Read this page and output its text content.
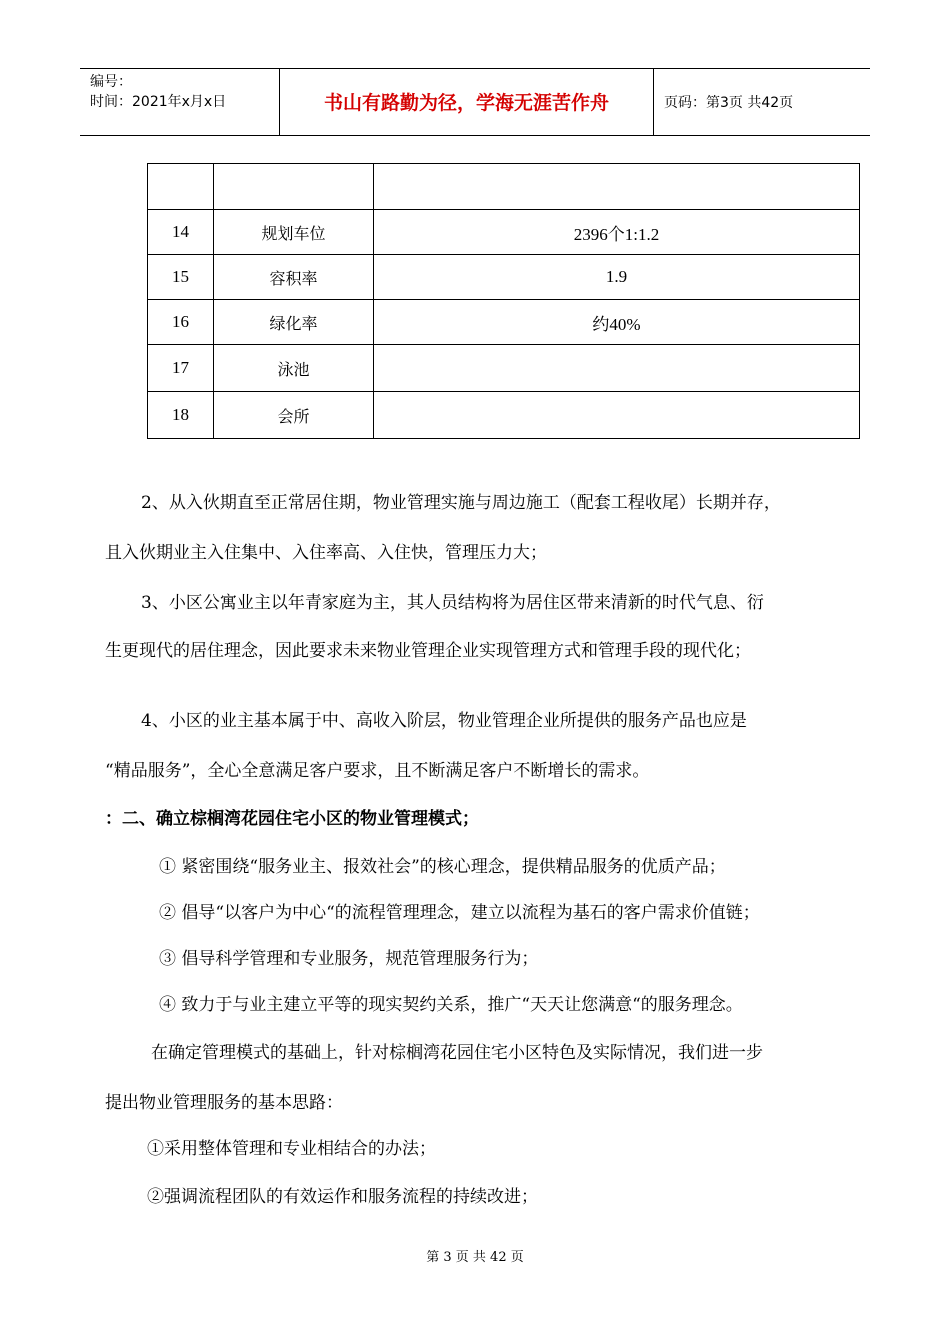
编号：
时间：2021年x月x日	书山有路勤为径，学海无涯苦作舟	页码：第3页 共42页

14	规划车位	2396个1:1.2
15	容积率	1.9
16	绿化率	约40%
17	泳池	
18	会所	
2、从入伙期直至正常居住期，物业管理实施与周边施工（配套工程收尾）长期并存，
且入伙期业主入住集中、入住率高、入住快，管理压力大；
3、小区公寓业主以年青家庭为主，其人员结构将为居住区带来清新的时代气息、衍
生更现代的居住理念，因此要求未来物业管理企业实现管理方式和管理手段的现代化；
4、小区的业主基本属于中、高收入阶层，物业管理企业所提供的服务产品也应是
“精品服务”，全心全意满足客户要求，且不断满足客户不断增长的需求。
：二、确立棕榈湾花园住宅小区的物业管理模式；
① 紧密围绕“服务业主、报效社会”的核心理念，提供精品服务的优质产品；
② 倡导“以客户为中心“的流程管理理念，建立以流程为基石的客户需求价值链；
③ 倡导科学管理和专业服务，规范管理服务行为；
④ 致力于与业主建立平等的现实契约关系，推广“天天让您满意“的服务理念。
在确定管理模式的基础上，针对棕榈湾花园住宅小区特色及实际情况，我们进一步
提出物业管理服务的基本思路：
①采用整体管理和专业相结合的办法；
②强调流程团队的有效运作和服务流程的持续改进；
第 3 页 共 42 页
